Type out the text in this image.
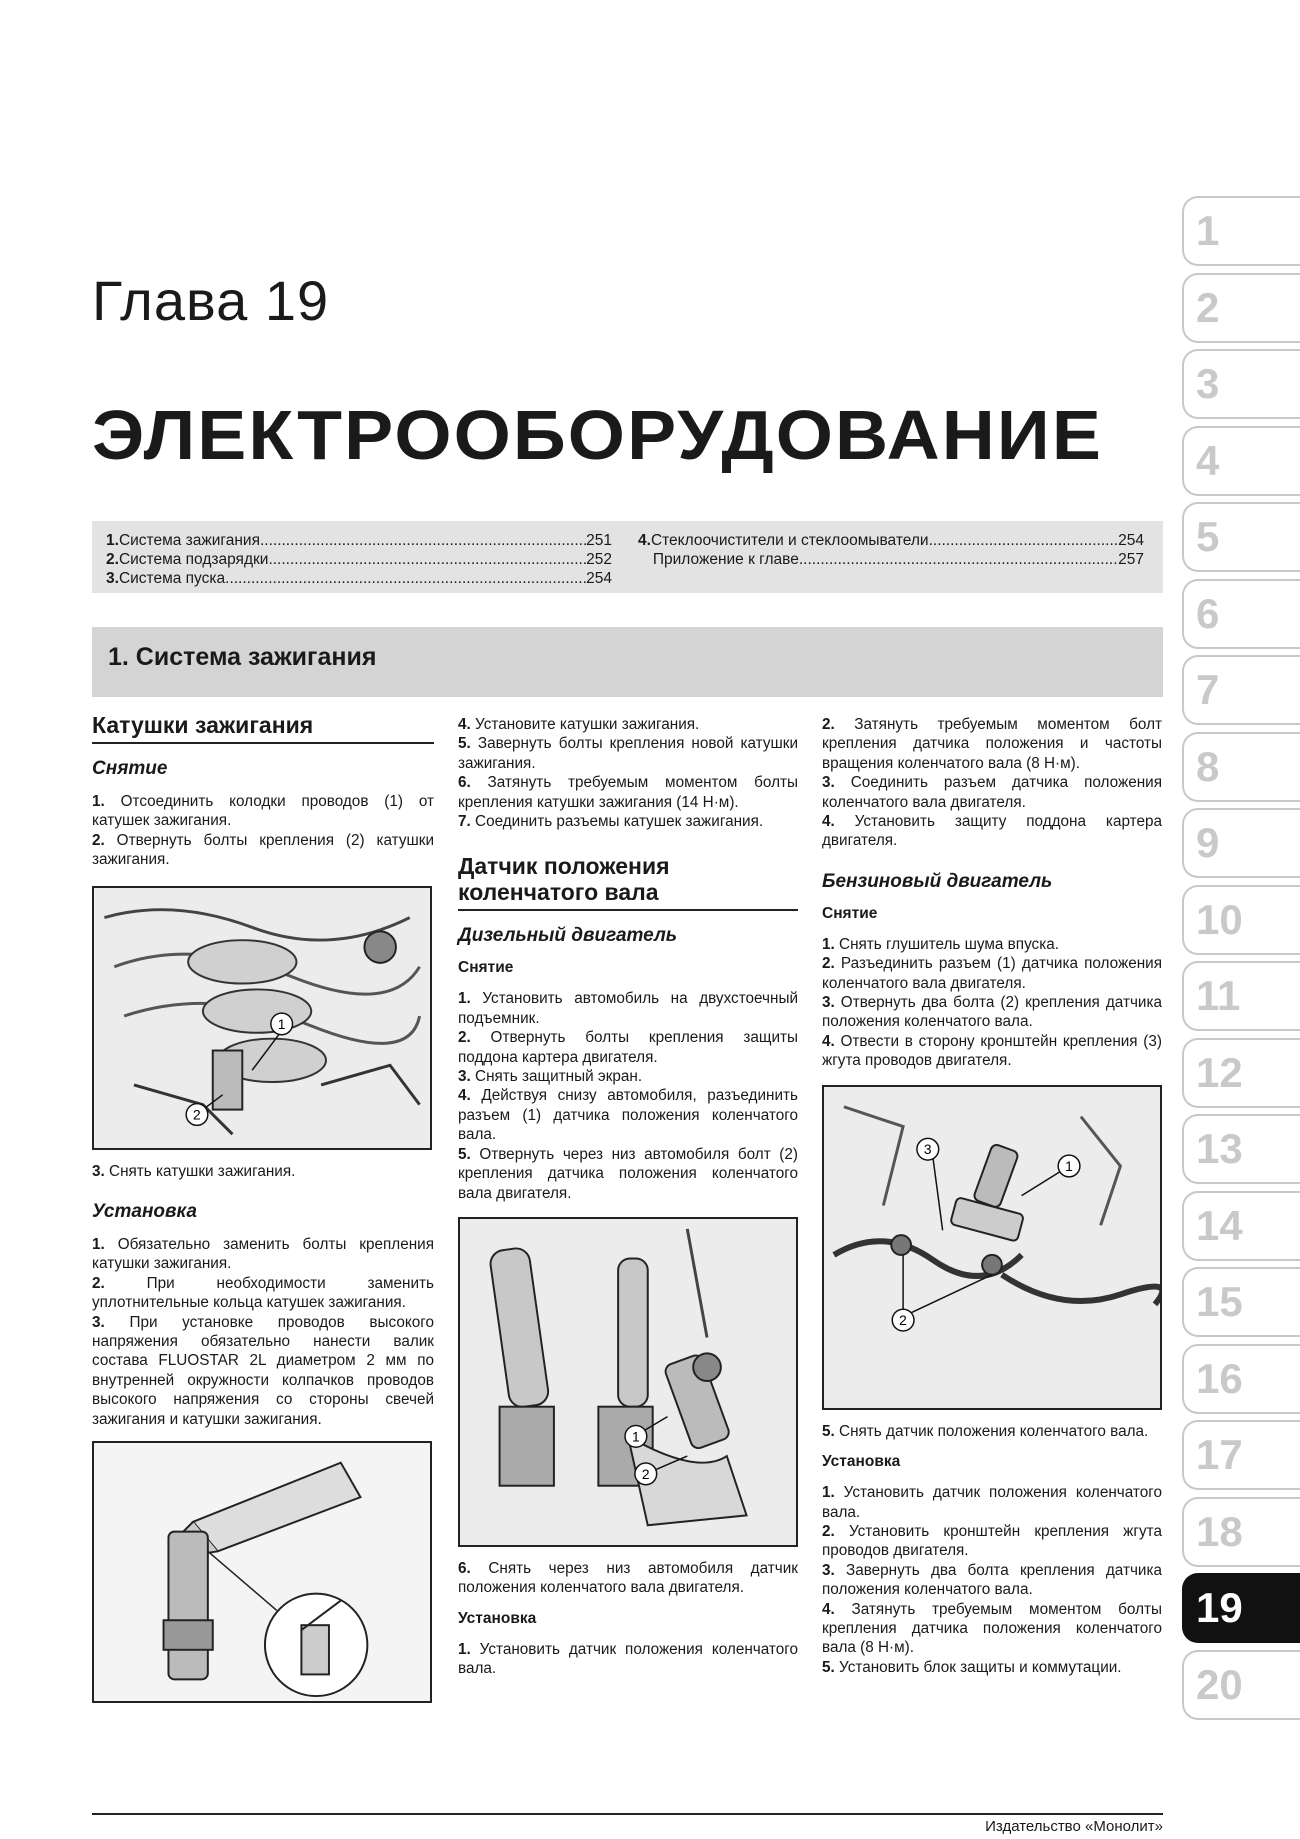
Глава 19
ЭЛЕКТРООБОРУДОВАНИЕ
1. Система зажигания .....	251
2. Система подзарядки .....	252
3. Система пуска .....	254
4. Стеклоочистители и стеклоомыватели .....	254
Приложение к главе .....	257
1. Система зажигания
Катушки зажигания
Снятие

1. Отсоединить колодки проводов (1) от катушек зажигания.

2. Отвернуть болты крепления (2) катушки зажигания.

1
2

3. Снять катушки зажигания.

Установка

1. Обязательно заменить болты крепления катушки зажигания.

2.	При необходимости заменить уплотнительные кольца катушек зажигания.

3. При установке проводов высокого напряжения обязательно нанести валик состава FLUOSTAR 2L диаметром 2 мм по внутренней окружности колпачков проводов высокого напряжения со стороны свечей зажигания и катушки зажигания.

4. Установите катушки зажигания.

5. Завернуть болты крепления новой катушки зажигания.

6. Затянуть требуемым моментом болты крепления катушки зажигания (14 Н·м).

7. Соединить разъемы катушек зажигания.

Датчик положения коленчатого вала
Дизельный двигатель
Снятие

1. Установить автомобиль на двухстоечный подъемник.

2. Отвернуть болты крепления защиты поддона картера двигателя.

3. Снять защитный экран.

4. Действуя снизу автомобиля, разъединить разъем (1) датчика положения коленчатого вала.

5. Отвернуть через низ автомобиля болт (2) крепления датчика положения коленчатого вала двигателя.

1
2

6. Снять через низ автомобиля датчик положения коленчатого вала двигателя.

Установка

1. Установить датчик положения коленчатого вала.

2. Затянуть требуемым моментом болт крепления датчика положения и частоты вращения коленчатого вала (8 Н·м).

3. Соединить разъем датчика положения коленчатого вала двигателя.

4. Установить защиту поддона картера двигателя.

Бензиновый двигатель
Снятие

1. Снять глушитель шума впуска.

2. Разъединить разъем (1) датчика положения коленчатого вала двигателя.

3. Отвернуть два болта (2) крепления датчика положения коленчатого вала.

4. Отвести в сторону кронштейн крепления (3) жгута проводов двигателя.

3
1
2

5. Снять датчик положения коленчатого вала.

Установка

1. Установить датчик положения коленчатого вала.

2. Установить кронштейн крепления жгута проводов двигателя.

3. Завернуть два болта крепления датчика положения коленчатого вала.

4. Затянуть требуемым моментом болты крепления датчика положения коленчатого вала (8 Н·м).

5. Установить блок защиты и коммутации.

1
2
3
4
5
6
7
8
9
10
11
12
13
14
15
16
17
18
19
20
Издательство «Монолит»
